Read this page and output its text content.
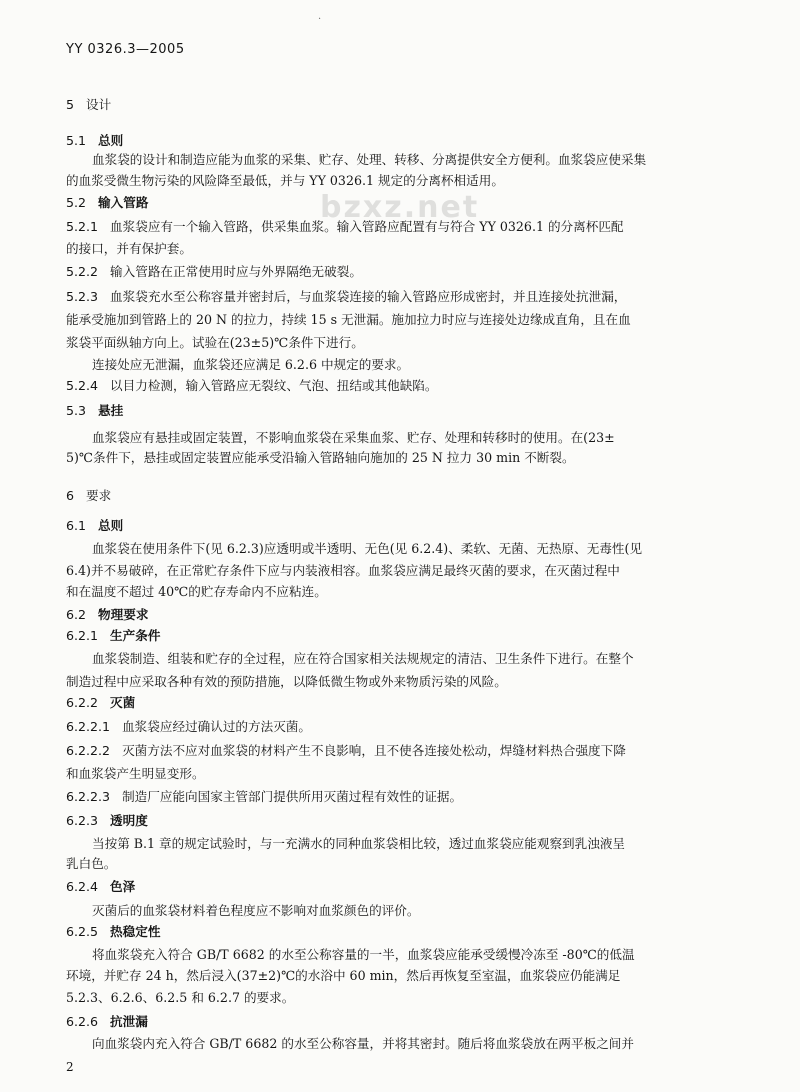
·
YY 0326.3—2005
bzxz.net
5 设计
5.1 总则
血浆袋的设计和制造应能为血浆的采集、贮存、处理、转移、分离提供安全方便利。血浆袋应使采集
的血浆受微生物污染的风险降至最低，并与 YY 0326.1 规定的分离杯相适用。
5.2 输入管路
5.2.1 血浆袋应有一个输入管路，供采集血浆。输入管路应配置有与符合 YY 0326.1 的分离杯匹配
的接口，并有保护套。
5.2.2 输入管路在正常使用时应与外界隔绝无破裂。
5.2.3 血浆袋充水至公称容量并密封后，与血浆袋连接的输入管路应形成密封，并且连接处抗泄漏，
能承受施加到管路上的 20 N 的拉力，持续 15 s 无泄漏。施加拉力时应与连接处边缘成直角，且在血
浆袋平面纵轴方向上。试验在(23±5)℃条件下进行。
连接处应无泄漏，血浆袋还应满足 6.2.6 中规定的要求。
5.2.4 以目力检测，输入管路应无裂纹、气泡、扭结或其他缺陷。
5.3 悬挂
血浆袋应有悬挂或固定装置，不影响血浆袋在采集血浆、贮存、处理和转移时的使用。在(23±
5)℃条件下，悬挂或固定装置应能承受沿输入管路轴向施加的 25 N 拉力 30 min 不断裂。
6 要求
6.1 总则
血浆袋在使用条件下(见 6.2.3)应透明或半透明、无色(见 6.2.4)、柔软、无菌、无热原、无毒性(见
6.4)并不易破碎，在正常贮存条件下应与内装液相容。血浆袋应满足最终灭菌的要求，在灭菌过程中
和在温度不超过 40℃的贮存寿命内不应粘连。
6.2 物理要求
6.2.1 生产条件
血浆袋制造、组装和贮存的全过程，应在符合国家相关法规规定的清洁、卫生条件下进行。在整个
制造过程中应采取各种有效的预防措施，以降低微生物或外来物质污染的风险。
6.2.2 灭菌
6.2.2.1 血浆袋应经过确认过的方法灭菌。
6.2.2.2 灭菌方法不应对血浆袋的材料产生不良影响，且不使各连接处松动，焊缝材料热合强度下降
和血浆袋产生明显变形。
6.2.2.3 制造厂应能向国家主管部门提供所用灭菌过程有效性的证据。
6.2.3 透明度
当按第 B.1 章的规定试验时，与一充满水的同种血浆袋相比较，透过血浆袋应能观察到乳浊液呈
乳白色。
6.2.4 色泽
灭菌后的血浆袋材料着色程度应不影响对血浆颜色的评价。
6.2.5 热稳定性
将血浆袋充入符合 GB/T 6682 的水至公称容量的一半，血浆袋应能承受缓慢冷冻至 -80℃的低温
环境，并贮存 24 h，然后浸入(37±2)℃的水浴中 60 min，然后再恢复至室温，血浆袋应仍能满足
5.2.3、6.2.6、6.2.5 和 6.2.7 的要求。
6.2.6 抗泄漏
向血浆袋内充入符合 GB/T 6682 的水至公称容量，并将其密封。随后将血浆袋放在两平板之间并
2
